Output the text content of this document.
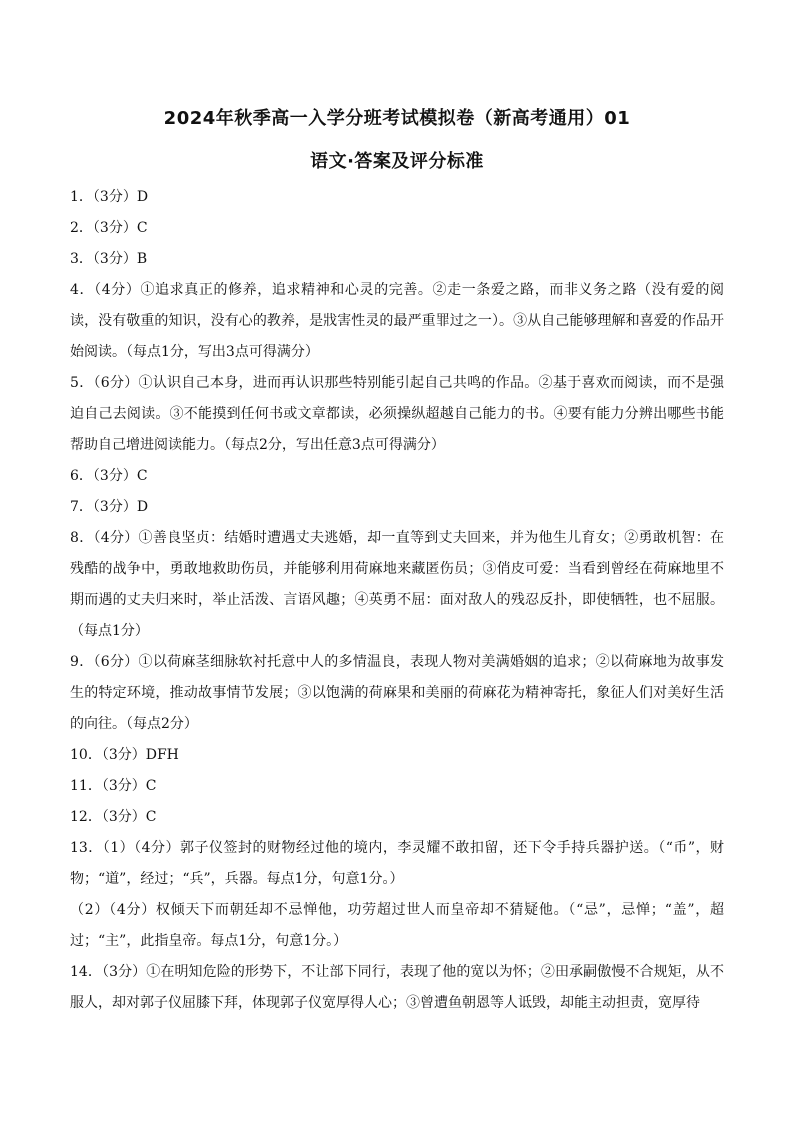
2024年秋季高一入学分班考试模拟卷（新高考通用）01
语文·答案及评分标准

1．（3分）D

2．（3分）C

3．（3分）B

4．（4分）①追求真正的修养，追求精神和心灵的完善。②走一条爱之路，而非义务之路（没有爱的阅读，没有敬重的知识，没有心的教养，是戕害性灵的最严重罪过之一）。③从自己能够理解和喜爱的作品开始阅读。（每点1分，写出3点可得满分）

5．（6分）①认识自己本身，进而再认识那些特别能引起自己共鸣的作品。②基于喜欢而阅读，而不是强迫自己去阅读。③不能摸到任何书或文章都读，必须操纵超越自己能力的书。④要有能力分辨出哪些书能帮助自己增进阅读能力。（每点2分，写出任意3点可得满分）

6．（3分）C

7．（3分）D

8．（4分）①善良坚贞：结婚时遭遇丈夫逃婚，却一直等到丈夫回来，并为他生儿育女；②勇敢机智：在残酷的战争中，勇敢地救助伤员，并能够利用荷麻地来藏匿伤员；③俏皮可爱：当看到曾经在荷麻地里不期而遇的丈夫归来时，举止活泼、言语风趣；④英勇不屈：面对敌人的残忍反扑，即使牺牲，也不屈服。（每点1分）

9．（6分）①以荷麻茎细脉软衬托意中人的多情温良，表现人物对美满婚姻的追求；②以荷麻地为故事发生的特定环境，推动故事情节发展；③以饱满的荷麻果和美丽的荷麻花为精神寄托，象征人们对美好生活的向往。（每点2分）

10．（3分）DFH

11．（3分）C

12．（3分）C

13．（1）（4分）郭子仪签封的财物经过他的境内，李灵耀不敢扣留，还下令手持兵器护送。（“币”，财物；“道”，经过；“兵”，兵器。每点1分，句意1分。）

（2）（4分）权倾天下而朝廷却不忌惮他，功劳超过世人而皇帝却不猜疑他。（“忌”，忌惮；“盖”，超过；“主”，此指皇帝。每点1分，句意1分。）

14．（3分）①在明知危险的形势下，不让部下同行，表现了他的宽以为怀；②田承嗣傲慢不合规矩，从不服人，却对郭子仪屈膝下拜，体现郭子仪宽厚得人心；③曾遭鱼朝恩等人诋毁，却能主动担责，宽厚待
